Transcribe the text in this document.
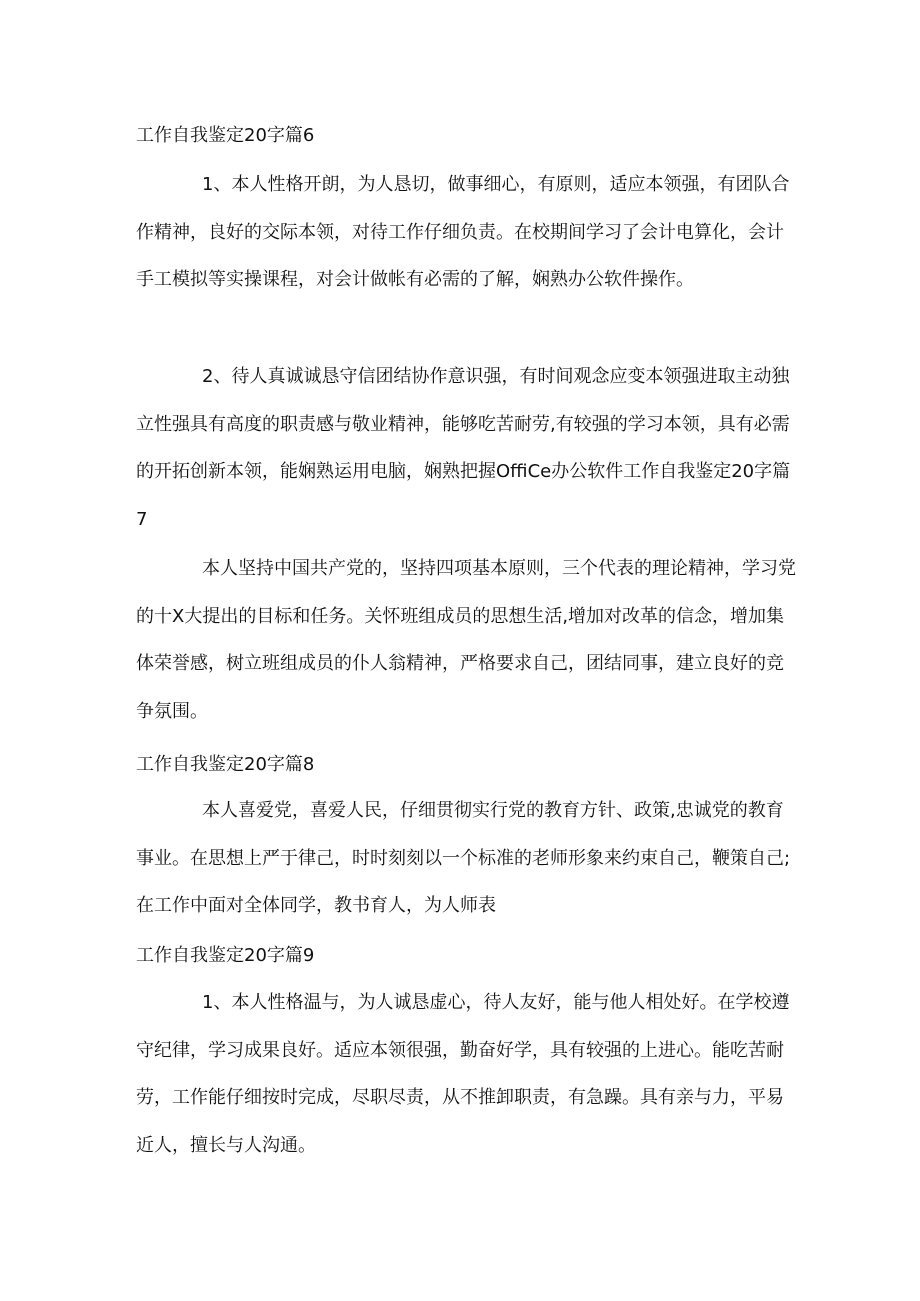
工作自我鉴定20字篇6

1、本人性格开朗，为人恳切，做事细心，有原则，适应本领强，有团队合作精神，良好的交际本领，对待工作仔细负责。在校期间学习了会计电算化，会计手工模拟等实操课程，对会计做帐有必需的了解，娴熟办公软件操作。

2、待人真诚诚恳守信团结协作意识强，有时间观念应变本领强进取主动独立性强具有高度的职责感与敬业精神，能够吃苦耐劳,有较强的学习本领，具有必需的开拓创新本领，能娴熟运用电脑，娴熟把握OffiCe办公软件工作自我鉴定20字篇7

本人坚持中国共产党的，坚持四项基本原则，三个代表的理论精神，学习党的十X大提出的目标和任务。关怀班组成员的思想生活,增加对改革的信念，增加集体荣誉感，树立班组成员的仆人翁精神，严格要求自己，团结同事，建立良好的竞争氛围。

工作自我鉴定20字篇8

本人喜爱党，喜爱人民，仔细贯彻实行党的教育方针、政策,忠诚党的教育事业。在思想上严于律己，时时刻刻以一个标准的老师形象来约束自己，鞭策自己;在工作中面对全体同学，教书育人，为人师表

工作自我鉴定20字篇9

1、本人性格温与，为人诚恳虚心，待人友好，能与他人相处好。在学校遵守纪律，学习成果良好。适应本领很强，勤奋好学，具有较强的上进心。能吃苦耐劳，工作能仔细按时完成，尽职尽责，从不推卸职责，有急躁。具有亲与力，平易近人，擅长与人沟通。
